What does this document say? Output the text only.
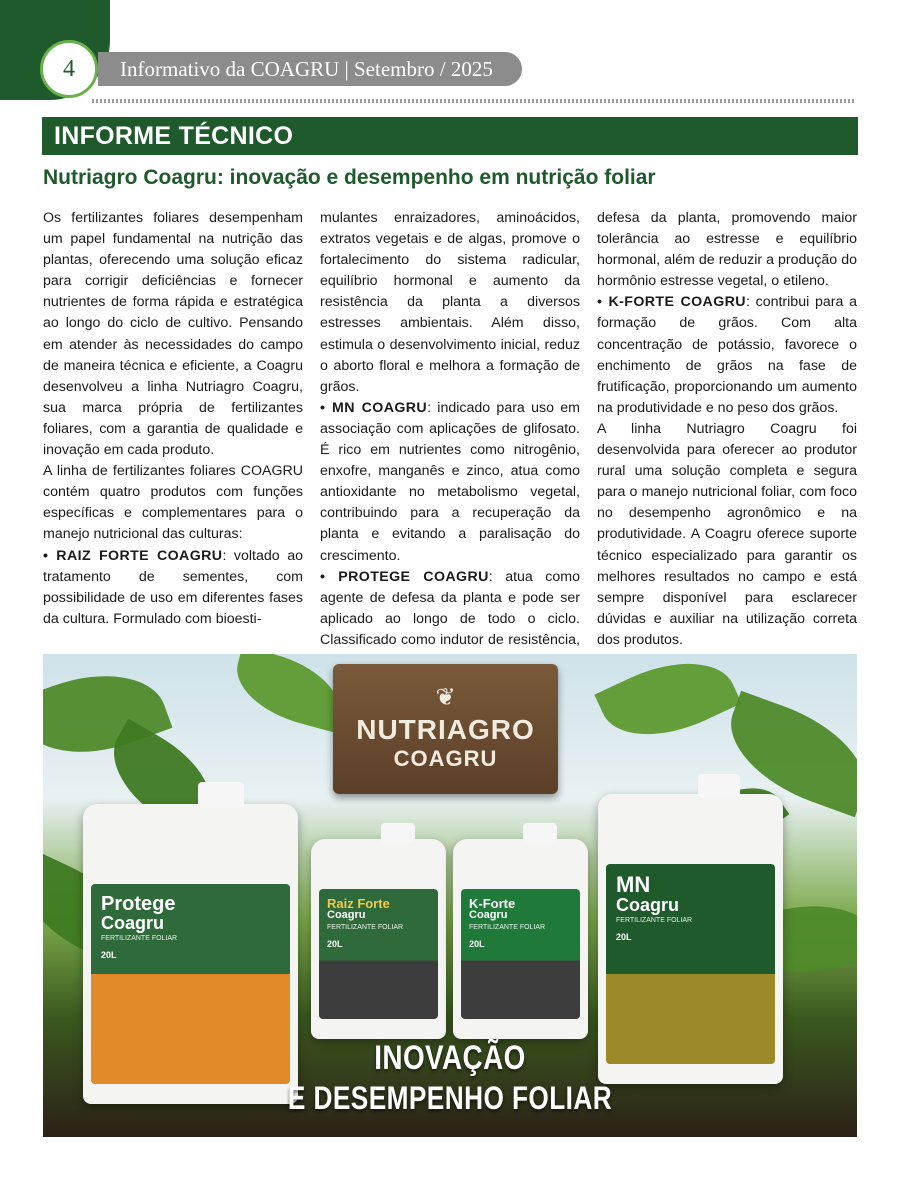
4 Informativo da COAGRU | Setembro / 2025
INFORME TÉCNICO
Nutriagro Coagru: inovação e desempenho em nutrição foliar

Os fertilizantes foliares desempenham um papel fundamental na nutrição das plantas, oferecendo uma solução eficaz para corrigir deficiências e fornecer nutrientes de forma rápida e estratégica ao longo do ciclo de cultivo. Pensando em atender às necessidades do campo de maneira técnica e eficiente, a Coagru desenvolveu a linha Nutriagro Coagru, sua marca própria de fertilizantes foliares, com a garantia de qualidade e inovação em cada produto.

A linha de fertilizantes foliares COAGRU contém quatro produtos com funções específicas e complementares para o manejo nutricional das culturas:

• RAIZ FORTE COAGRU: voltado ao tratamento de sementes, com possibilidade de uso em diferentes fases da cultura. Formulado com bioesti-

mulantes enraizadores, aminoácidos, extratos vegetais e de algas, promove o fortalecimento do sistema radicular, equilíbrio hormonal e aumento da resistência da planta a diversos estresses ambientais. Além disso, estimula o desenvolvimento inicial, reduz o aborto floral e melhora a formação de grãos.

• MN COAGRU: indicado para uso em associação com aplicações de glifosato. É rico em nutrientes como nitrogênio, enxofre, manganês e zinco, atua como antioxidante no metabolismo vegetal, contribuindo para a recuperação da planta e evitando a paralisação do crescimento.

• PROTEGE COAGRU: atua como agente de defesa da planta e pode ser aplicado ao longo de todo o ciclo. Classificado como indutor de resistência,

defesa da planta, promovendo maior tolerância ao estresse e equilíbrio hormonal, além de reduzir a produção do hormônio estresse vegetal, o etileno.

• K-FORTE COAGRU: contribui para a formação de grãos. Com alta concentração de potássio, favorece o enchimento de grãos na fase de frutificação, proporcionando um aumento na produtividade e no peso dos grãos.

A linha Nutriagro Coagru foi desenvolvida para oferecer ao produtor rural uma solução completa e segura para o manejo nutricional foliar, com foco no desempenho agronômico e na produtividade. A Coagru oferece suporte técnico especializado para garantir os melhores resultados no campo e está sempre disponível para esclarecer dúvidas e auxiliar na utilização correta dos produtos.

❦
NUTRIAGRO
COAGRU
Protege
Coagru
FERTILIZANTE FOLIAR
20L
Raiz Forte
Coagru
FERTILIZANTE FOLIAR
20L
K-Forte
Coagru
FERTILIZANTE FOLIAR
20L
MN
Coagru
FERTILIZANTE FOLIAR
20L
INOVAÇÃO
E DESEMPENHO FOLIAR
